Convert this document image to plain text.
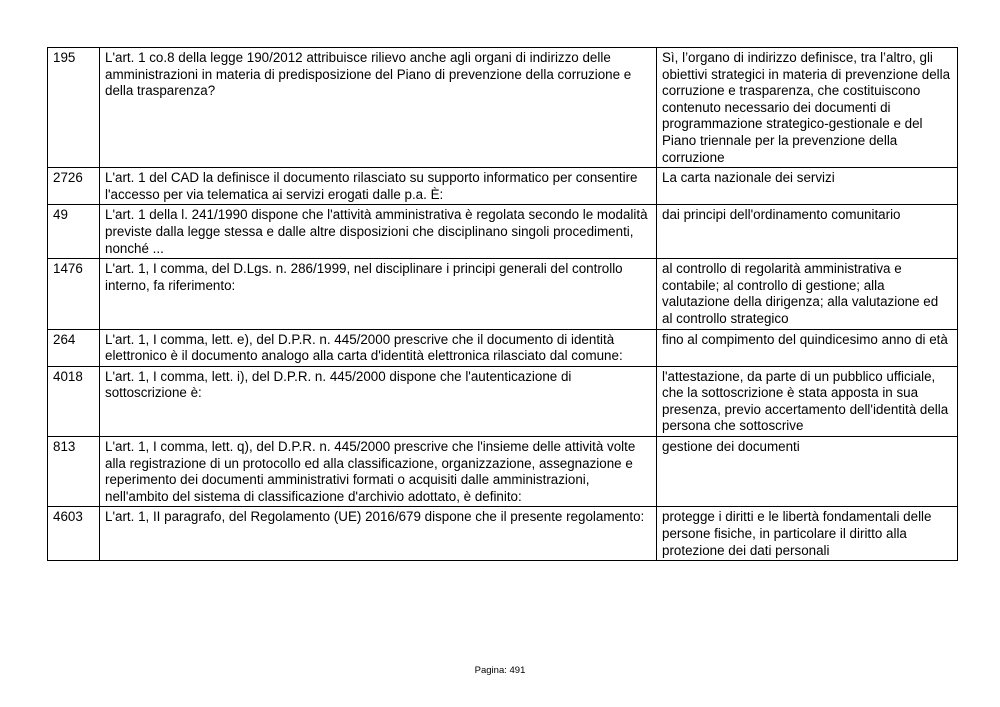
195	L'art. 1 co.8 della legge 190/2012 attribuisce rilievo anche agli organi di indirizzo delle amministrazioni in materia di predisposizione del Piano di prevenzione della corruzione e della trasparenza?	Sì, l’organo di indirizzo definisce, tra l’altro, gli obiettivi strategici in materia di prevenzione della corruzione e trasparenza, che costituiscono contenuto necessario dei documenti di programmazione strategico-gestionale e del Piano triennale per la prevenzione della corruzione
2726	L'art. 1 del CAD la definisce il documento rilasciato su supporto informatico per consentire l'accesso per via telematica ai servizi erogati dalle p.a. È:	La carta nazionale dei servizi
49	L'art. 1 della l. 241/1990 dispone che l'attività amministrativa è regolata secondo le modalità previste dalla legge stessa e dalle altre disposizioni che disciplinano singoli procedimenti, nonché ...	dai principi dell'ordinamento comunitario
1476	L'art. 1, I comma, del D.Lgs. n. 286/1999, nel disciplinare i principi generali del controllo interno, fa riferimento:	al controllo di regolarità amministrativa e contabile; al controllo di gestione; alla valutazione della dirigenza; alla valutazione ed al controllo strategico
264	L'art. 1, I comma, lett. e), del D.P.R. n. 445/2000 prescrive che il documento di identità elettronico è il documento analogo alla carta d'identità elettronica rilasciato dal comune:	fino al compimento del quindicesimo anno di età
4018	L'art. 1, I comma, lett. i), del D.P.R. n. 445/2000 dispone che l'autenticazione di sottoscrizione è:	l'attestazione, da parte di un pubblico ufficiale, che la sottoscrizione è stata apposta in sua presenza, previo accertamento dell'identità della persona che sottoscrive
813	L'art. 1, I comma, lett. q), del D.P.R. n. 445/2000 prescrive che l'insieme delle attività volte alla registrazione di un protocollo ed alla classificazione, organizzazione, assegnazione e reperimento dei documenti amministrativi formati o acquisiti dalle amministrazioni, nell'ambito del sistema di classificazione d'archivio adottato, è definito:	gestione dei documenti
4603	L'art. 1, II paragrafo, del Regolamento (UE) 2016/679 dispone che il presente regolamento:	protegge i diritti e le libertà fondamentali delle persone fisiche, in particolare il diritto alla protezione dei dati personali
Pagina: 491
